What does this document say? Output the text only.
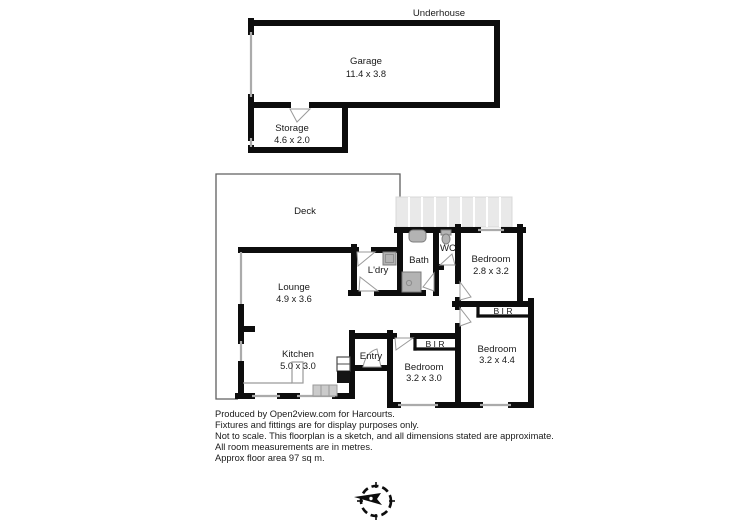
Underhouse
Garage
11.4 x 3.8
Storage
4.6 x 2.0
Deck
Lounge
4.9 x 3.6
L'dry
Bath
WC
Bedroom
2.8 x 3.2
B I R
Bedroom
3.2 x 4.4
B I R
Bedroom
3.2 x 3.0
Entry
Kitchen
5.0 x 3.0
Produced by Open2view.com for Harcourts.
Fixtures and fittings are for display purposes only.
Not to scale. This floorplan is a sketch, and all dimensions stated are approximate.
All room measurements are in metres.
Approx floor area 97 sq m.
